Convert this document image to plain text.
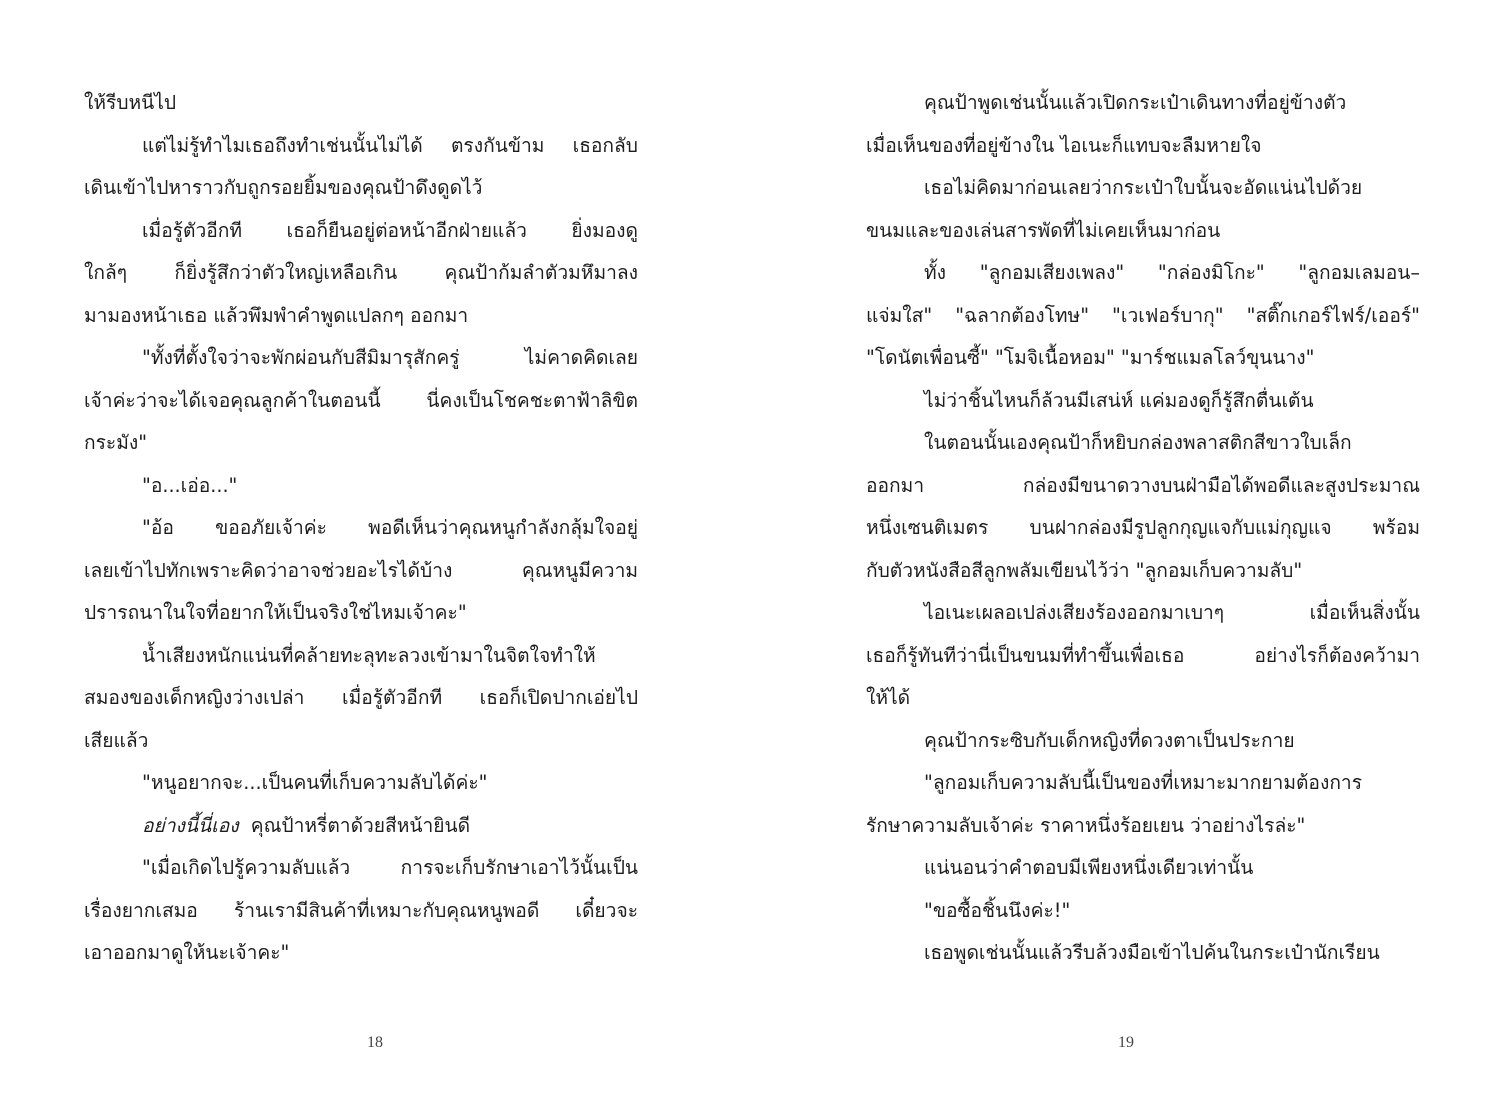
ให้รีบหนีไป
แต่ไม่รู้ทำไมเธอถึงทำเช่นนั้นไม่ได้ ตรงกันข้าม เธอกลับ
เดินเข้าไปหาราวกับถูกรอยยิ้มของคุณป้าดึงดูดไว้
เมื่อรู้ตัวอีกที เธอก็ยืนอยู่ต่อหน้าอีกฝ่ายแล้ว ยิ่งมองดู
ใกล้ๆ ก็ยิ่งรู้สึกว่าตัวใหญ่เหลือเกิน คุณป้าก้มลำตัวมหึมาลง
มามองหน้าเธอ แล้วพึมพำคำพูดแปลกๆ ออกมา
"ทั้งที่ตั้งใจว่าจะพักผ่อนกับสีมิมารุสักครู่ ไม่คาดคิดเลย
เจ้าค่ะว่าจะได้เจอคุณลูกค้าในตอนนี้ นี่คงเป็นโชคชะตาฟ้าลิขิต
กระมัง"
"อ...เอ่อ..."
"อ้อ ขออภัยเจ้าค่ะ พอดีเห็นว่าคุณหนูกำลังกลุ้มใจอยู่
เลยเข้าไปทักเพราะคิดว่าอาจช่วยอะไรได้บ้าง คุณหนูมีความ
ปรารถนาในใจที่อยากให้เป็นจริงใช่ไหมเจ้าคะ"
น้ำเสียงหนักแน่นที่คล้ายทะลุทะลวงเข้ามาในจิตใจทำให้
สมองของเด็กหญิงว่างเปล่า เมื่อรู้ตัวอีกที เธอก็เปิดปากเอ่ยไป
เสียแล้ว
"หนูอยากจะ...เป็นคนที่เก็บความลับได้ค่ะ"
อย่างนี้นี่เอง คุณป้าหรี่ตาด้วยสีหน้ายินดี
"เมื่อเกิดไปรู้ความลับแล้ว การจะเก็บรักษาเอาไว้นั้นเป็น
เรื่องยากเสมอ ร้านเรามีสินค้าที่เหมาะกับคุณหนูพอดี เดี๋ยวจะ
เอาออกมาดูให้นะเจ้าคะ"
คุณป้าพูดเช่นนั้นแล้วเปิดกระเป๋าเดินทางที่อยู่ข้างตัว
เมื่อเห็นของที่อยู่ข้างใน ไอเนะก็แทบจะลืมหายใจ
เธอไม่คิดมาก่อนเลยว่ากระเป๋าใบนั้นจะอัดแน่นไปด้วย
ขนมและของเล่นสารพัดที่ไม่เคยเห็นมาก่อน
ทั้ง "ลูกอมเสียงเพลง" "กล่องมิโกะ" "ลูกอมเลมอน–
แจ่มใส" "ฉลากต้องโทษ" "เวเฟอร์บากุ" "สติ๊กเกอร์ไฟร์/เออร์"
"โดนัตเพื่อนซี้" "โมจิเนื้อหอม" "มาร์ชแมลโลว์ขุนนาง"
ไม่ว่าชิ้นไหนก็ล้วนมีเสน่ห์ แค่มองดูก็รู้สึกตื่นเต้น
ในตอนนั้นเองคุณป้าก็หยิบกล่องพลาสติกสีขาวใบเล็ก
ออกมา กล่องมีขนาดวางบนฝ่ามือได้พอดีและสูงประมาณ
หนึ่งเซนติเมตร บนฝากล่องมีรูปลูกกุญแจกับแม่กุญแจ พร้อม
กับตัวหนังสือสีลูกพลัมเขียนไว้ว่า "ลูกอมเก็บความลับ"
ไอเนะเผลอเปล่งเสียงร้องออกมาเบาๆ เมื่อเห็นสิ่งนั้น
เธอก็รู้ทันทีว่านี่เป็นขนมที่ทำขึ้นเพื่อเธอ อย่างไรก็ต้องคว้ามา
ให้ได้
คุณป้ากระซิบกับเด็กหญิงที่ดวงตาเป็นประกาย
"ลูกอมเก็บความลับนี้เป็นของที่เหมาะมากยามต้องการ
รักษาความลับเจ้าค่ะ ราคาหนึ่งร้อยเยน ว่าอย่างไรล่ะ"
แน่นอนว่าคำตอบมีเพียงหนึ่งเดียวเท่านั้น
"ขอซื้อชิ้นนึงค่ะ!"
เธอพูดเช่นนั้นแล้วรีบล้วงมือเข้าไปค้นในกระเป๋านักเรียน
18	19
